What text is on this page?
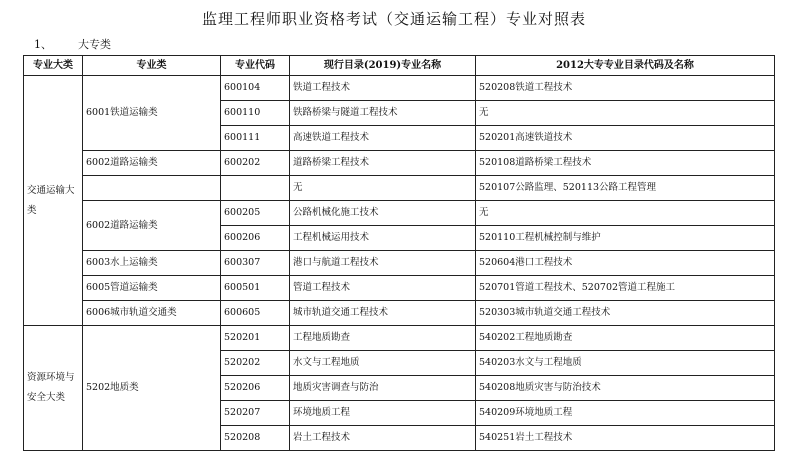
监理工程师职业资格考试（交通运输工程）专业对照表
1、 大专类
专业大类	专业类	专业代码	现行目录(2019)专业名称	2012大专专业目录代码及名称
交通运输大类	6001铁道运输类	600104	铁道工程技术	520208铁道工程技术
		600110	铁路桥梁与隧道工程技术	无
		600111	高速铁道工程技术	520201高速铁道技术
	6002道路运输类	600202	道路桥梁工程技术	520108道路桥梁工程技术
			无	520107公路监理、520113公路工程管理
	6002道路运输类	600205	公路机械化施工技术	无
		600206	工程机械运用技术	520110工程机械控制与维护
	6003水上运输类	600307	港口与航道工程技术	520604港口工程技术
	6005管道运输类	600501	管道工程技术	520701管道工程技术、520702管道工程施工
	6006城市轨道交通类	600605	城市轨道交通工程技术	520303城市轨道交通工程技术
资源环境与安全大类	5202地质类	520201	工程地质勘查	540202工程地质勘查
		520202	水文与工程地质	540203水文与工程地质
		520206	地质灾害调查与防治	540208地质灾害与防治技术
		520207	环境地质工程	540209环境地质工程
		520208	岩土工程技术	540251岩土工程技术
